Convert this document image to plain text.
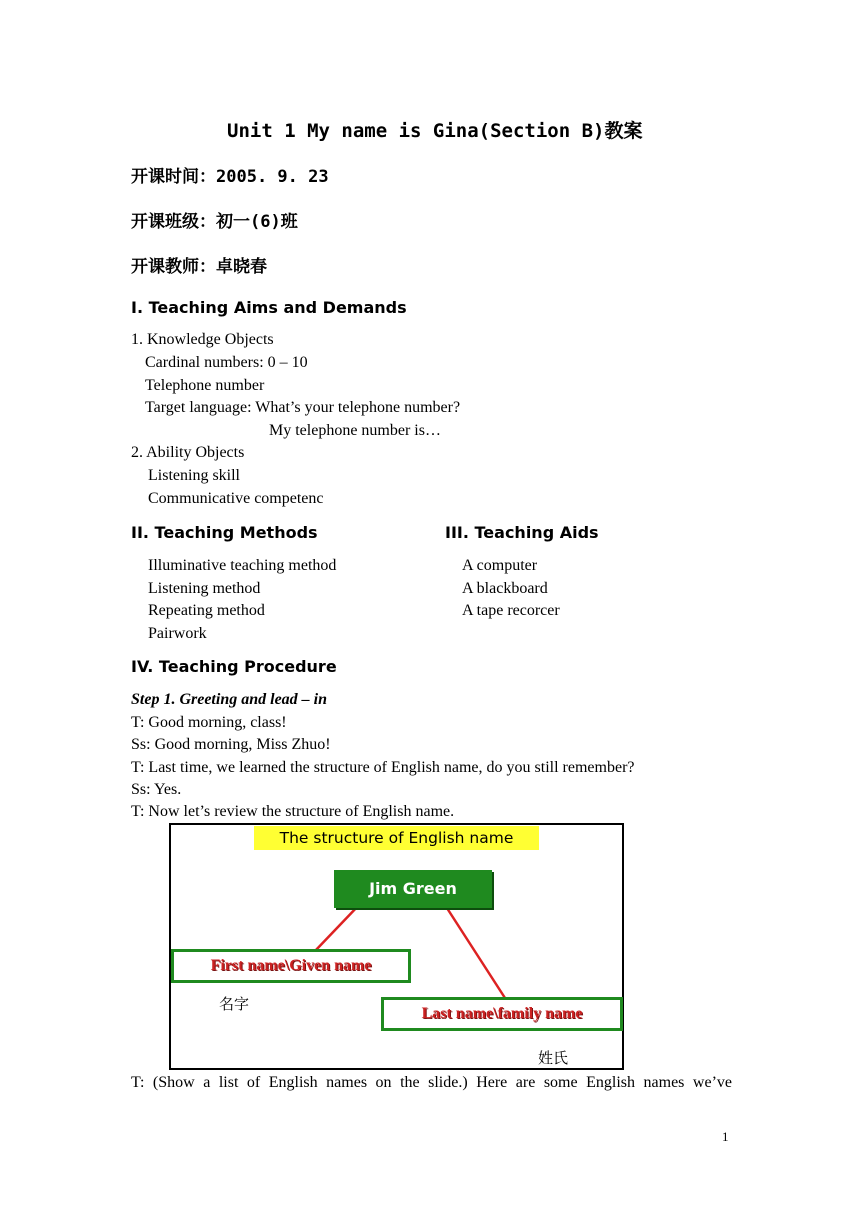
Unit 1 My name is Gina(Section B)教案
开课时间：2005. 9. 23
开课班级：初一(6)班
开课教师：卓晓春
I. Teaching Aims and Demands
1. Knowledge Objects
Cardinal numbers: 0 – 10
Telephone number
Target language: What’s your telephone number?
My telephone number is…
2. Ability Objects
Listening skill
Communicative competenc
II. Teaching Methods
Illuminative teaching method
Listening method
Repeating method
Pairwork
III. Teaching Aids
A computer
A blackboard
A tape recorcer
IV. Teaching Procedure
Step 1. Greeting and lead – in
T: Good morning, class!
Ss: Good morning, Miss Zhuo!
T: Last time, we learned the structure of English name, do you still remember?
Ss: Yes.
T: Now let’s review the structure of English name.
The structure of English name
Jim Green
First name\Given name
名字
Last name\family name
姓氏
T: (Show a list of English names on the slide.) Here are some English names we’ve
1
